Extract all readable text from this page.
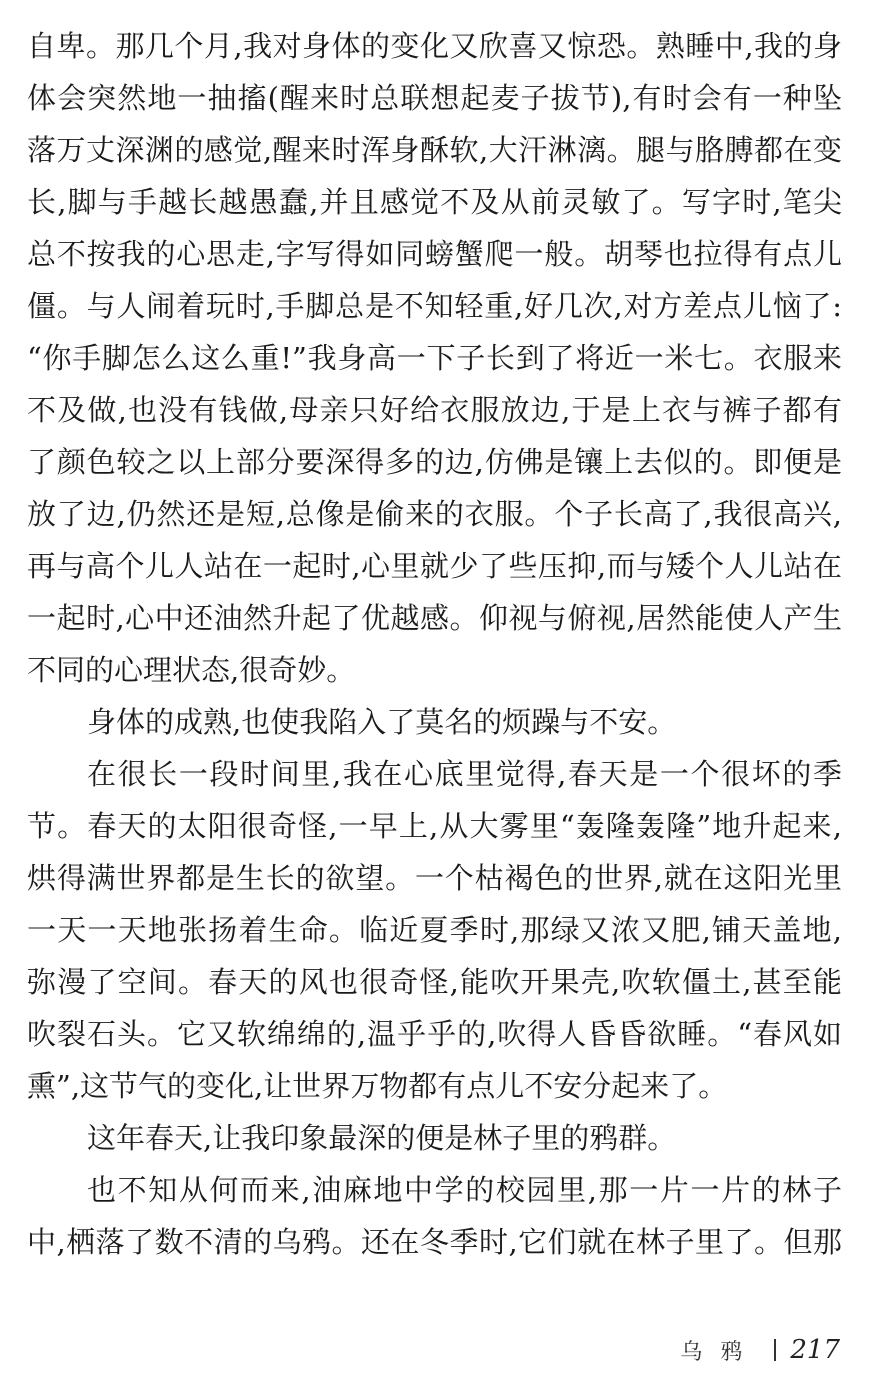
自卑。那几个月,我对身体的变化又欣喜又惊恐。熟睡中,我的身
体会突然地一抽搐(醒来时总联想起麦子拔节),有时会有一种坠
落万丈深渊的感觉,醒来时浑身酥软,大汗淋漓。腿与胳膊都在变
长,脚与手越长越愚蠢,并且感觉不及从前灵敏了。写字时,笔尖
总不按我的心思走,字写得如同螃蟹爬一般。胡琴也拉得有点儿
僵。与人闹着玩时,手脚总是不知轻重,好几次,对方差点儿恼了:
“你手脚怎么这么重!”我身高一下子长到了将近一米七。衣服来
不及做,也没有钱做,母亲只好给衣服放边,于是上衣与裤子都有
了颜色较之以上部分要深得多的边,仿佛是镶上去似的。即便是
放了边,仍然还是短,总像是偷来的衣服。个子长高了,我很高兴,
再与高个儿人站在一起时,心里就少了些压抑,而与矮个人儿站在
一起时,心中还油然升起了优越感。仰视与俯视,居然能使人产生
不同的心理状态,很奇妙。
身体的成熟,也使我陷入了莫名的烦躁与不安。
在很长一段时间里,我在心底里觉得,春天是一个很坏的季
节。春天的太阳很奇怪,一早上,从大雾里“轰隆轰隆”地升起来,
烘得满世界都是生长的欲望。一个枯褐色的世界,就在这阳光里
一天一天地张扬着生命。临近夏季时,那绿又浓又肥,铺天盖地,
弥漫了空间。春天的风也很奇怪,能吹开果壳,吹软僵土,甚至能
吹裂石头。它又软绵绵的,温乎乎的,吹得人昏昏欲睡。“春风如
熏”,这节气的变化,让世界万物都有点儿不安分起来了。
这年春天,让我印象最深的便是林子里的鸦群。
也不知从何而来,油麻地中学的校园里,那一片一片的林子
中,栖落了数不清的乌鸦。还在冬季时,它们就在林子里了。但那
乌鸦 217
